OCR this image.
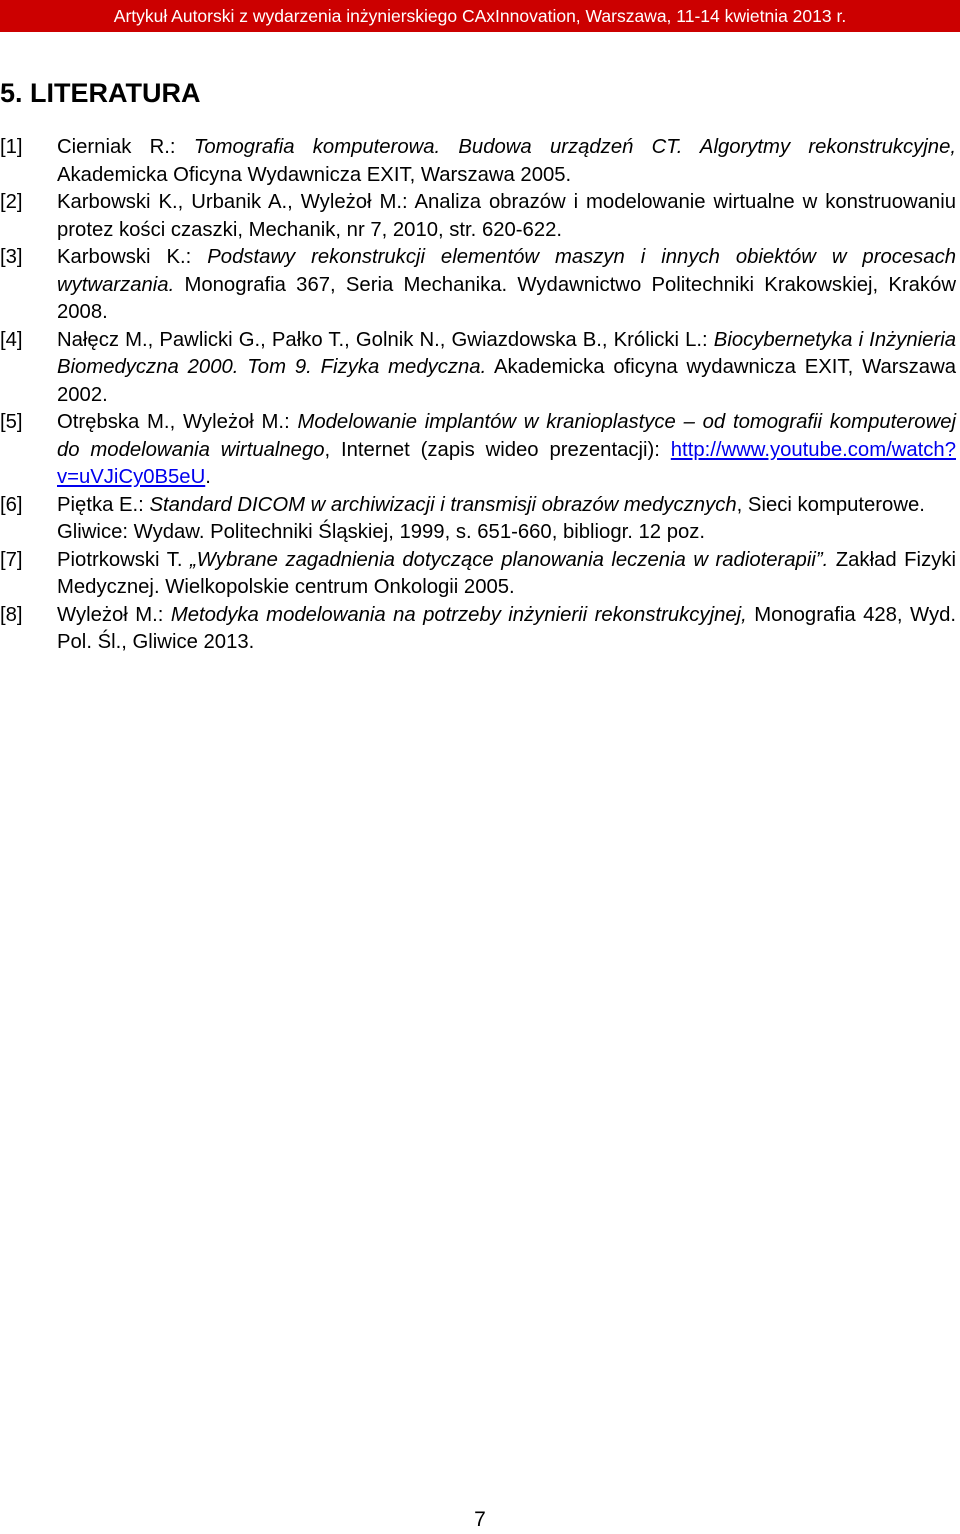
Artykuł Autorski z wydarzenia inżynierskiego CAxInnovation, Warszawa, 11-14 kwietnia 2013 r.
5. LITERATURA
[1] Cierniak R.: Tomografia komputerowa. Budowa urządzeń CT. Algorytmy rekonstrukcyjne, Akademicka Oficyna Wydawnicza EXIT, Warszawa 2005.
[2] Karbowski K., Urbanik A., Wyleżoł M.: Analiza obrazów i modelowanie wirtualne w konstruowaniu protez kości czaszki, Mechanik, nr 7, 2010, str. 620-622.
[3] Karbowski K.: Podstawy rekonstrukcji elementów maszyn i innych obiektów w procesach wytwarzania. Monografia 367, Seria Mechanika. Wydawnictwo Politechniki Krakowskiej, Kraków 2008.
[4] Nałęcz M., Pawlicki G., Pałko T., Golnik N., Gwiazdowska B., Królicki L.: Biocybernetyka i Inżynieria Biomedyczna 2000. Tom 9. Fizyka medyczna. Akademicka oficyna wydawnicza EXIT, Warszawa 2002.
[5] Otrębska M., Wyleżoł M.: Modelowanie implantów w kranioplastyce – od tomografii komputerowej do modelowania wirtualnego, Internet (zapis wideo prezentacji): http://www.youtube.com/watch?v=uVJiCy0B5eU.
[6] Piętka E.: Standard DICOM w archiwizacji i transmisji obrazów medycznych, Sieci komputerowe. Gliwice: Wydaw. Politechniki Śląskiej, 1999, s. 651-660, bibliogr. 12 poz.
[7] Piotrkowski T. „Wybrane zagadnienia dotyczące planowania leczenia w radioterapii”. Zakład Fizyki Medycznej. Wielkopolskie centrum Onkologii 2005.
[8] Wyleżoł M.: Metodyka modelowania na potrzeby inżynierii rekonstrukcyjnej, Monografia 428, Wyd. Pol. Śl., Gliwice 2013.
7
